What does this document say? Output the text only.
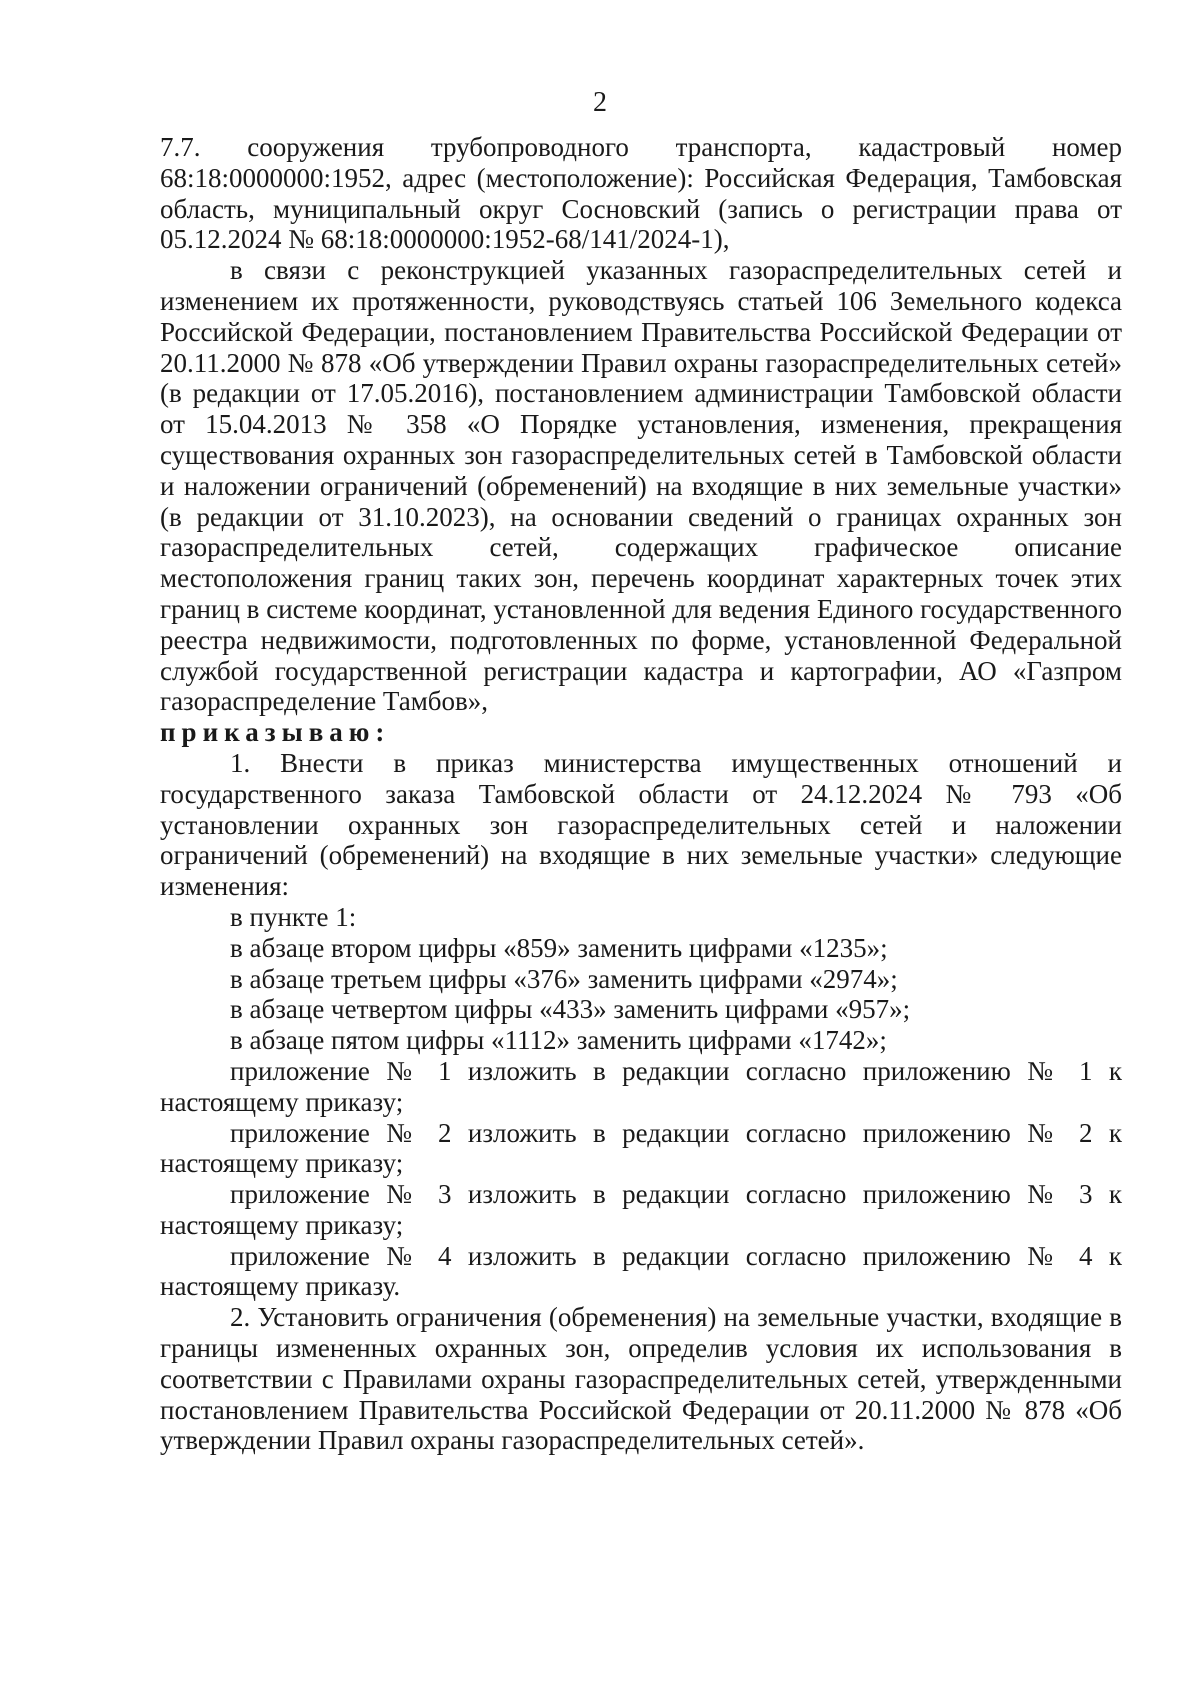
2

7.7. сооружения трубопроводного транспорта, кадастровый номер 68:18:0000000:1952, адрес (местоположение): Российская Федерация, Тамбовская область, муниципальный округ Сосновский (запись о регистрации права от 05.12.2024 № 68:18:0000000:1952-68/141/2024-1),

в связи с реконструкцией указанных газораспределительных сетей и изменением их протяженности, руководствуясь статьей 106 Земельного кодекса Российской Федерации, постановлением Правительства Российской Федерации от 20.11.2000 № 878 «Об утверждении Правил охраны газораспределительных сетей» (в редакции от 17.05.2016), постановлением администрации Тамбовской области от 15.04.2013 № 358 «О Порядке установления, изменения, прекращения существования охранных зон газораспределительных сетей в Тамбовской области и наложении ограничений (обременений) на входящие в них земельные участки» (в редакции от 31.10.2023), на основании сведений о границах охранных зон газораспределительных сетей, содержащих графическое описание местоположения границ таких зон, перечень координат характерных точек этих границ в системе координат, установленной для ведения Единого государственного реестра недвижимости, подготовленных по форме, установленной Федеральной службой государственной регистрации кадастра и картографии, АО «Газпром газораспределение Тамбов»,

приказываю:

1. Внести в приказ министерства имущественных отношений и государственного заказа Тамбовской области от 24.12.2024 № 793 «Об установлении охранных зон газораспределительных сетей и наложении ограничений (обременений) на входящие в них земельные участки» следующие изменения:

в пункте 1:

в абзаце втором цифры «859» заменить цифрами «1235»;

в абзаце третьем цифры «376» заменить цифрами «2974»;

в абзаце четвертом цифры «433» заменить цифрами «957»;

в абзаце пятом цифры «1112» заменить цифрами «1742»;

приложение № 1 изложить в редакции согласно приложению № 1 к настоящему приказу;

приложение № 2 изложить в редакции согласно приложению № 2 к настоящему приказу;

приложение № 3 изложить в редакции согласно приложению № 3 к настоящему приказу;

приложение № 4 изложить в редакции согласно приложению № 4 к настоящему приказу.

2. Установить ограничения (обременения) на земельные участки, входящие в границы измененных охранных зон, определив условия их использования в соответствии с Правилами охраны газораспределительных сетей, утвержденными постановлением Правительства Российской Федерации от 20.11.2000 № 878 «Об утверждении Правил охраны газораспределительных сетей».
